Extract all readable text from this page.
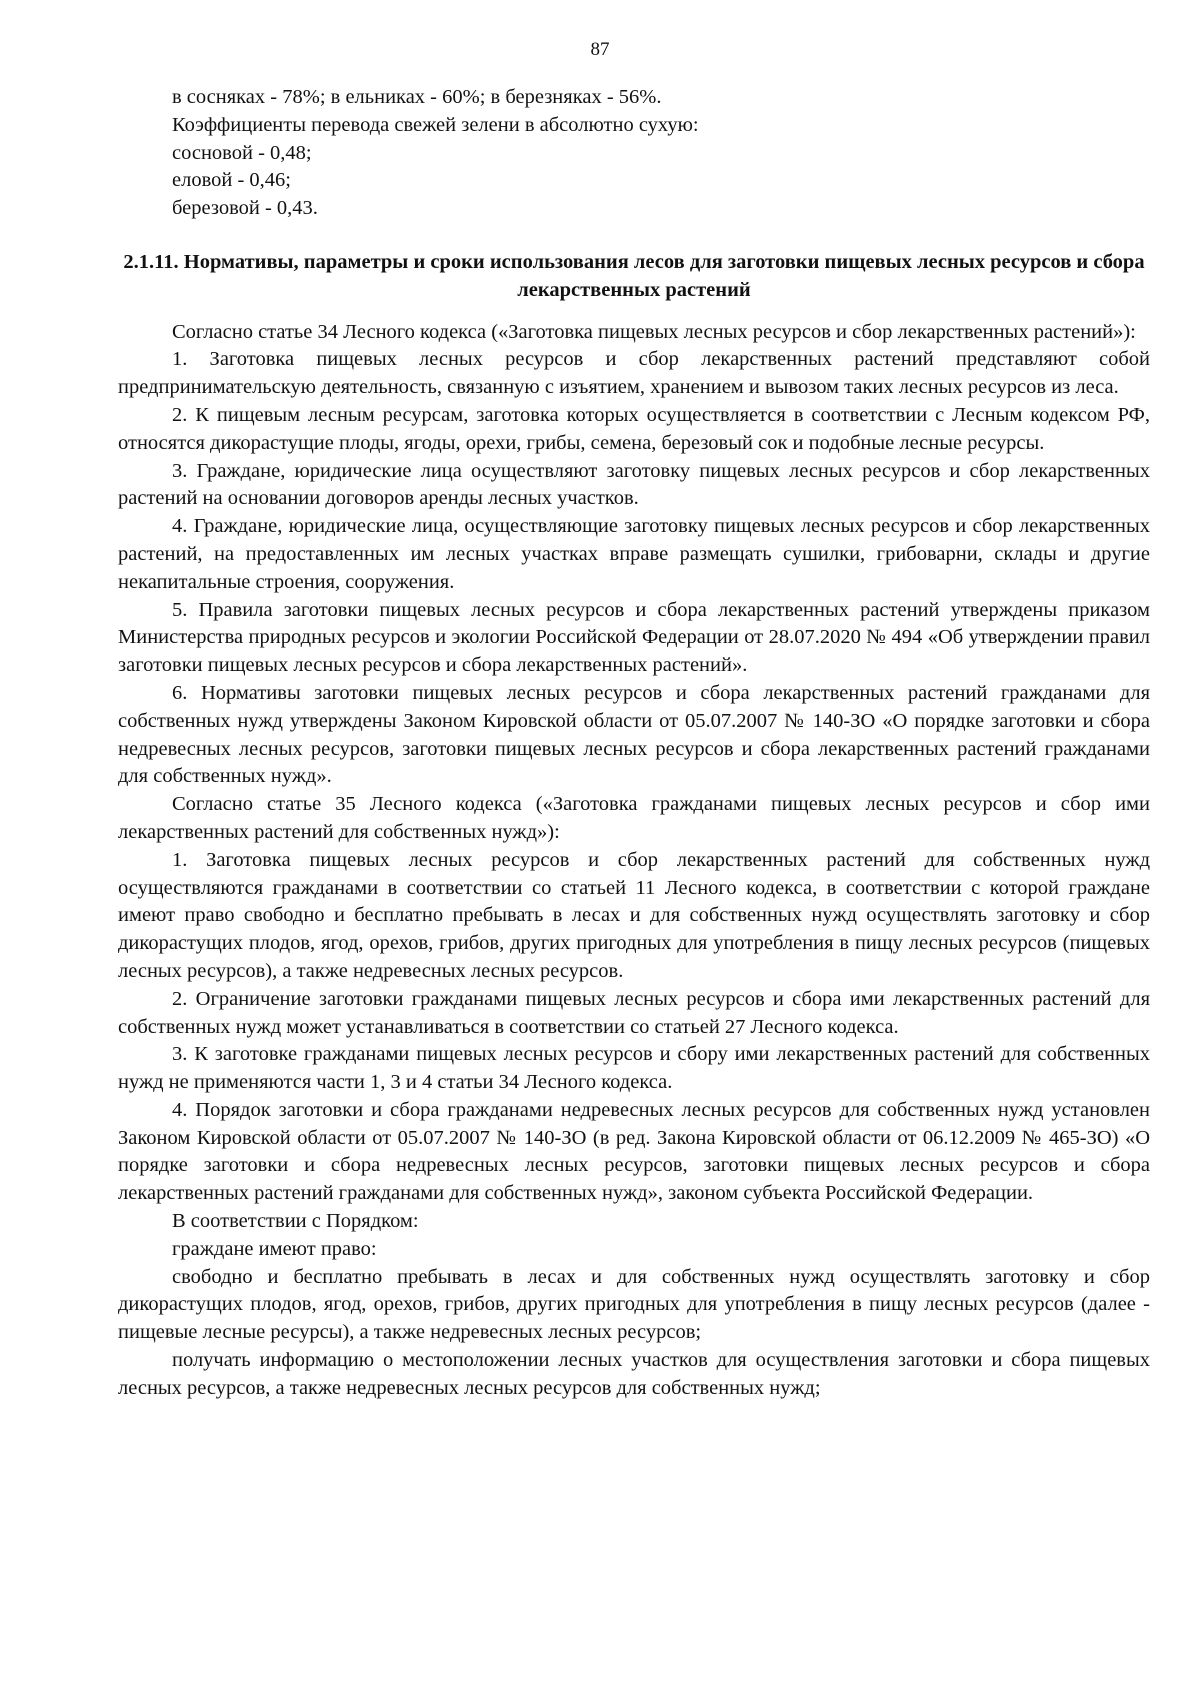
87

в сосняках - 78%; в ельниках - 60%; в березняках - 56%.

Коэффициенты перевода свежей зелени в абсолютно сухую:

сосновой - 0,48;

еловой - 0,46;

березовой - 0,43.

2.1.11. Нормативы, параметры и сроки использования лесов для заготовки пищевых лесных ресурсов и сбора лекарственных растений

Согласно статье 34 Лесного кодекса («Заготовка пищевых лесных ресурсов и сбор лекарственных растений»):

1. Заготовка пищевых лесных ресурсов и сбор лекарственных растений представляют собой предпринимательскую деятельность, связанную с изъятием, хранением и вывозом таких лесных ресурсов из леса.

2. К пищевым лесным ресурсам, заготовка которых осуществляется в соответствии с Лесным кодексом РФ, относятся дикорастущие плоды, ягоды, орехи, грибы, семена, березовый сок и подобные лесные ресурсы.

3. Граждане, юридические лица осуществляют заготовку пищевых лесных ресурсов и сбор лекарственных растений на основании договоров аренды лесных участков.

4. Граждане, юридические лица, осуществляющие заготовку пищевых лесных ресурсов и сбор лекарственных растений, на предоставленных им лесных участках вправе размещать сушилки, грибоварни, склады и другие некапитальные строения, сооружения.

5. Правила заготовки пищевых лесных ресурсов и сбора лекарственных растений утверждены приказом Министерства природных ресурсов и экологии Российской Федерации от 28.07.2020 № 494 «Об утверждении правил заготовки пищевых лесных ресурсов и сбора лекарственных растений».

6. Нормативы заготовки пищевых лесных ресурсов и сбора лекарственных растений гражданами для собственных нужд утверждены Законом Кировской области от 05.07.2007 № 140-ЗО «О порядке заготовки и сбора недревесных лесных ресурсов, заготовки пищевых лесных ресурсов и сбора лекарственных растений гражданами для собственных нужд».

Согласно статье 35 Лесного кодекса («Заготовка гражданами пищевых лесных ресурсов и сбор ими лекарственных растений для собственных нужд»):

1. Заготовка пищевых лесных ресурсов и сбор лекарственных растений для собственных нужд осуществляются гражданами в соответствии со статьей 11 Лесного кодекса, в соответствии с которой граждане имеют право свободно и бесплатно пребывать в лесах и для собственных нужд осуществлять заготовку и сбор дикорастущих плодов, ягод, орехов, грибов, других пригодных для употребления в пищу лесных ресурсов (пищевых лесных ресурсов), а также недревесных лесных ресурсов.

2. Ограничение заготовки гражданами пищевых лесных ресурсов и сбора ими лекарственных растений для собственных нужд может устанавливаться в соответствии со статьей 27 Лесного кодекса.

3. К заготовке гражданами пищевых лесных ресурсов и сбору ими лекарственных растений для собственных нужд не применяются части 1, 3 и 4 статьи 34 Лесного кодекса.

4. Порядок заготовки и сбора гражданами недревесных лесных ресурсов для собственных нужд установлен Законом Кировской области от 05.07.2007 № 140-ЗО (в ред. Закона Кировской области от 06.12.2009 № 465-ЗО) «О порядке заготовки и сбора недревесных лесных ресурсов, заготовки пищевых лесных ресурсов и сбора лекарственных растений гражданами для собственных нужд», законом субъекта Российской Федерации.

В соответствии с Порядком:

граждане имеют право:

свободно и бесплатно пребывать в лесах и для собственных нужд осуществлять заготовку и сбор дикорастущих плодов, ягод, орехов, грибов, других пригодных для употребления в пищу лесных ресурсов (далее - пищевые лесные ресурсы), а также недревесных лесных ресурсов;

получать информацию о местоположении лесных участков для осуществления заготовки и сбора пищевых лесных ресурсов, а также недревесных лесных ресурсов для собственных нужд;
